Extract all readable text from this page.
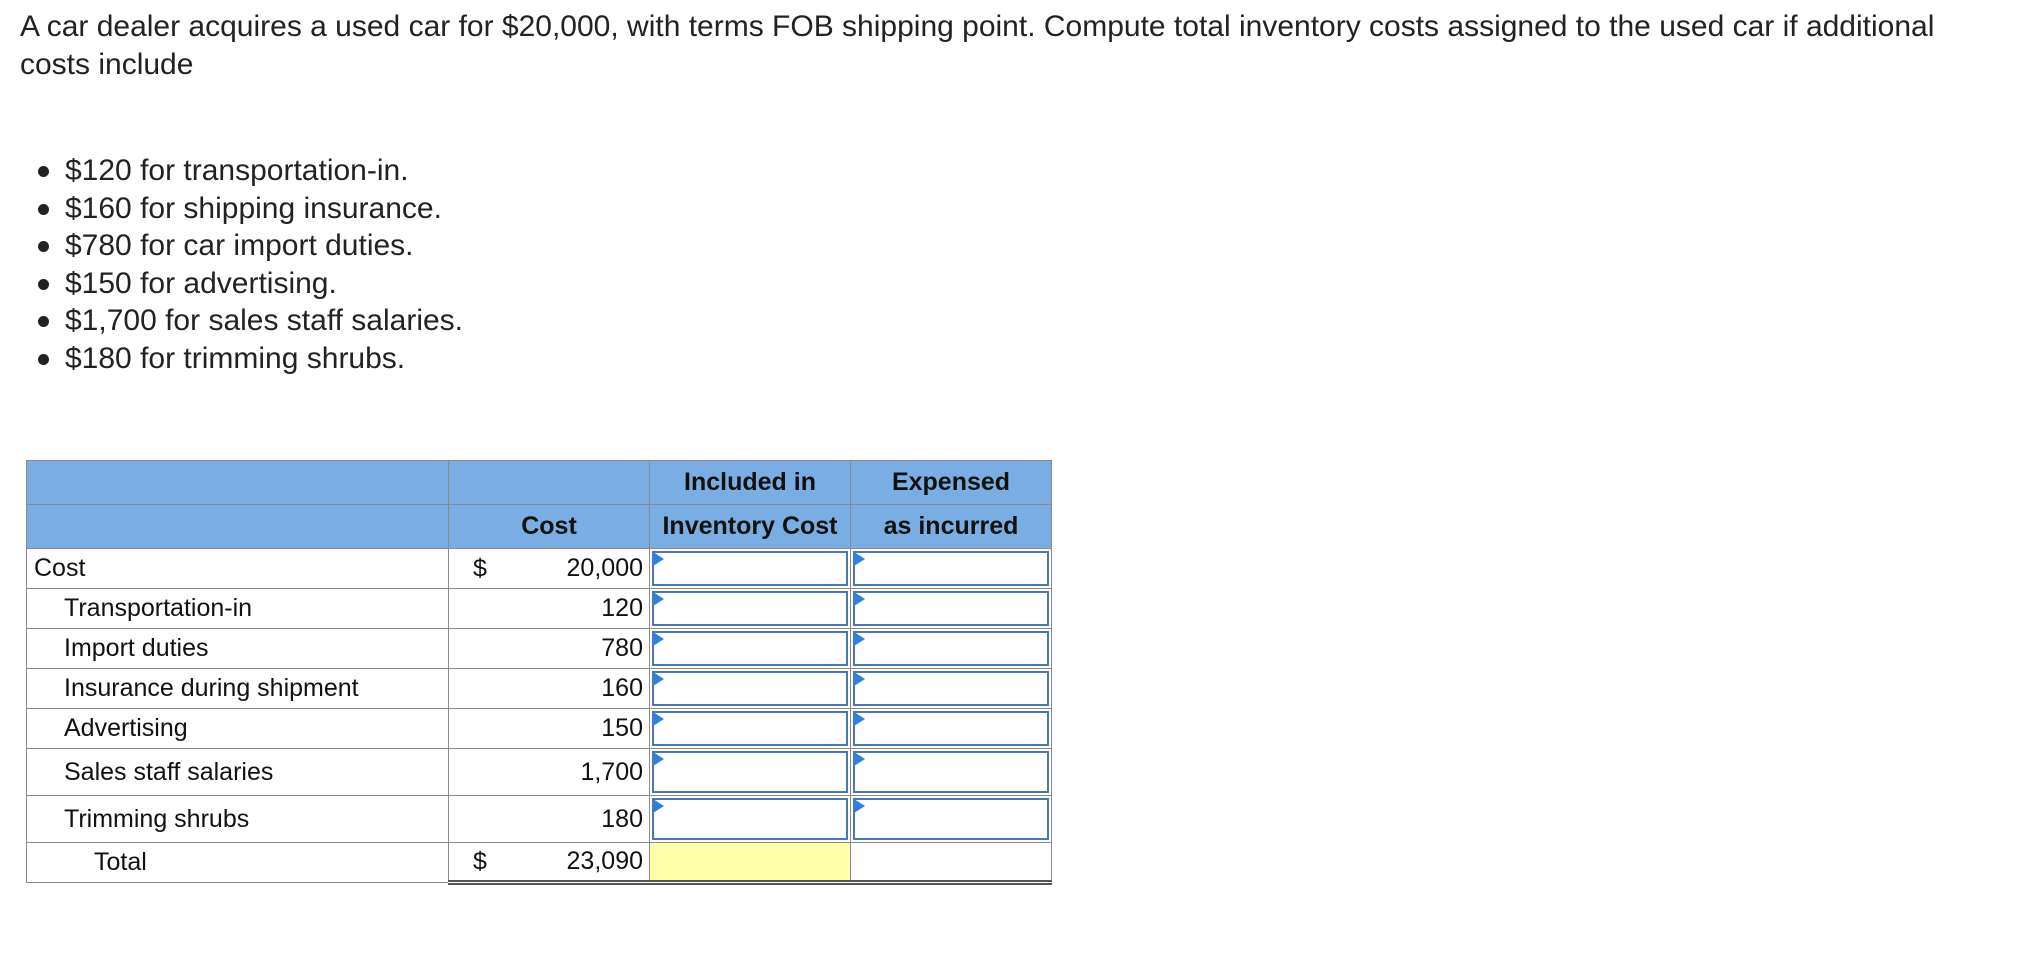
A car dealer acquires a used car for $20,000, with terms FOB shipping point. Compute total inventory costs assigned to the used car if additional costs include
$120 for transportation-in.
$160 for shipping insurance.
$780 for car import duties.
$150 for advertising.
$1,700 for sales staff salaries.
$180 for trimming shrubs.
		Included in	Expensed
	Cost	Inventory Cost	as incurred
Cost	$ 20,000	

Transportation-in	120	

Import duties	780	

Insurance during shipment	160	

Advertising	150	

Sales staff salaries	1,700	

Trimming shrubs	180	

Total	$ 23,090		
